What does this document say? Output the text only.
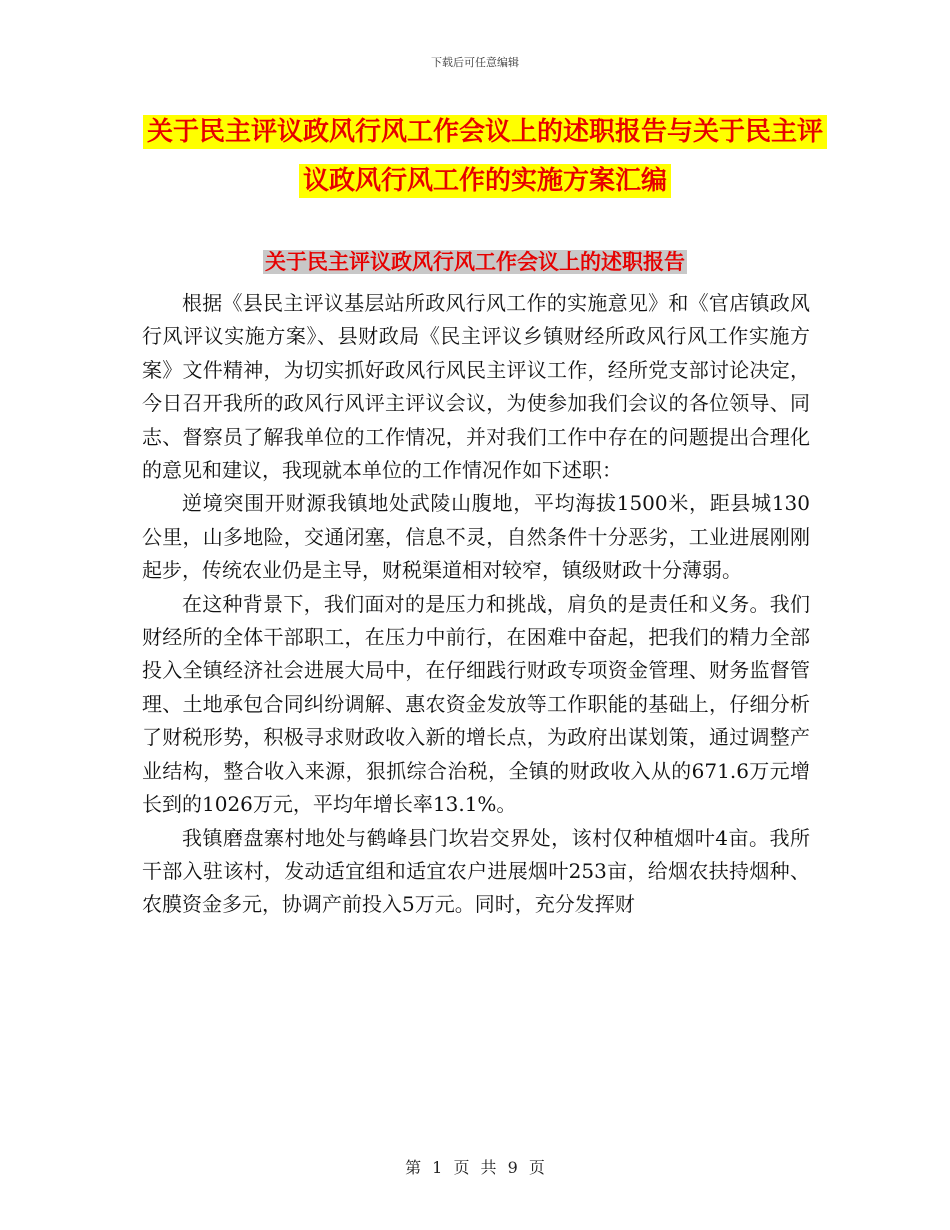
下载后可任意编辑
关于民主评议政风行风工作会议上的述职报告与关于民主评议政风行风工作的实施方案汇编
关于民主评议政风行风工作会议上的述职报告

根据《县民主评议基层站所政风行风工作的实施意见》和《官店镇政风行风评议实施方案》、县财政局《民主评议乡镇财经所政风行风工作实施方案》文件精神，为切实抓好政风行风民主评议工作，经所党支部讨论决定，今日召开我所的政风行风评主评议会议，为使参加我们会议的各位领导、同志、督察员了解我单位的工作情况，并对我们工作中存在的问题提出合理化的意见和建议，我现就本单位的工作情况作如下述职：

逆境突围开财源我镇地处武陵山腹地，平均海拔1500米，距县城130公里，山多地险，交通闭塞，信息不灵，自然条件十分恶劣，工业进展刚刚起步，传统农业仍是主导，财税渠道相对较窄，镇级财政十分薄弱。

在这种背景下，我们面对的是压力和挑战，肩负的是责任和义务。我们财经所的全体干部职工，在压力中前行，在困难中奋起，把我们的精力全部投入全镇经济社会进展大局中，在仔细践行财政专项资金管理、财务监督管理、土地承包合同纠纷调解、惠农资金发放等工作职能的基础上，仔细分析了财税形势，积极寻求财政收入新的增长点，为政府出谋划策，通过调整产业结构，整合收入来源，狠抓综合治税，全镇的财政收入从的671.6万元增长到的1026万元，平均年增长率13.1%。

我镇磨盘寨村地处与鹤峰县门坎岩交界处，该村仅种植烟叶4亩。我所干部入驻该村，发动适宜组和适宜农户进展烟叶253亩，给烟农扶持烟种、农膜资金多元，协调产前投入5万元。同时，充分发挥财

第 1 页 共 9 页
